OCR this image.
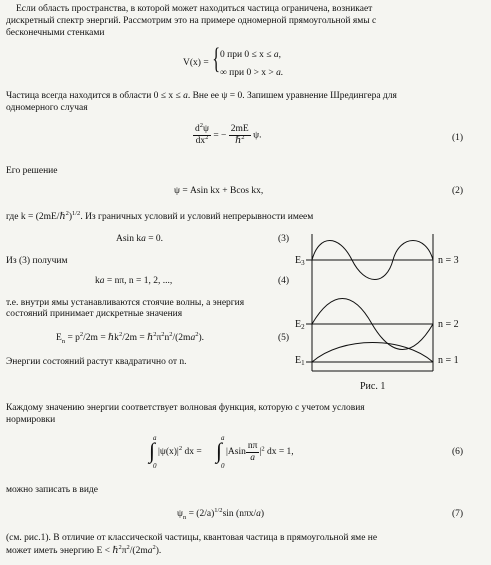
Если область пространства, в которой может находиться частица ограничена, возникает
дискретный спектр энергий. Рассмотрим это на примере одномерной прямоугольной ямы с
бесконечными стенками
V(x) = { 0 при 0 ≤ x ≤ a,
∞ при 0 > x > a.
Частица всегда находится в области 0 ≤ x ≤ a. Вне ее ψ = 0. Запишем уравнение Шредингера для
одномерного случая
$\frac{d^2\psi}{dx^2}$ = − $\frac{2mE}{\hbar^2} \psi$.	(1)
Его решение
ψ = Asin kx + Bcos kx,	(2)
где k = (2mE/ℏ$^2$)$^{1/2}$. Из граничных условий и условий непрерывности имеем
Asin ka = 0.	(3)
Из (3) получим
ka = nπ, n = 1, 2, ...,	(4)
т.е. внутри ямы устанавливаются стоячие волны, а энергия
состояний принимает дискретные значения
$E_n = p^2/2m$ = ℏk$^2$/2m = $\hbar^2\pi^2n^2/(2ma^2)$.	(5)
Энергии состояний растут квадратично от n.
$E_3$
$E_2$
$E_1$
n = 3
n = 2
n = 1
Рис. 1
Каждому значению энергии соответствует волновая функция, которую с учетом условия
нормировки
a
∫
0
$|\psi(x)|^2$ dx =
a
∫
0
$|Asin \frac{n\pi}{a} |^2$ dx = 1,	(6)
можно записать в виде
$\psi_n = (2/a)^{1/2}\sin$ (nπx/a)	(7)
(см. рис.1). В отличие от классической частицы, квантовая частица в прямоугольной яме не
может иметь энергию $E < \hbar^2\pi^2/(2ma^2)$.
